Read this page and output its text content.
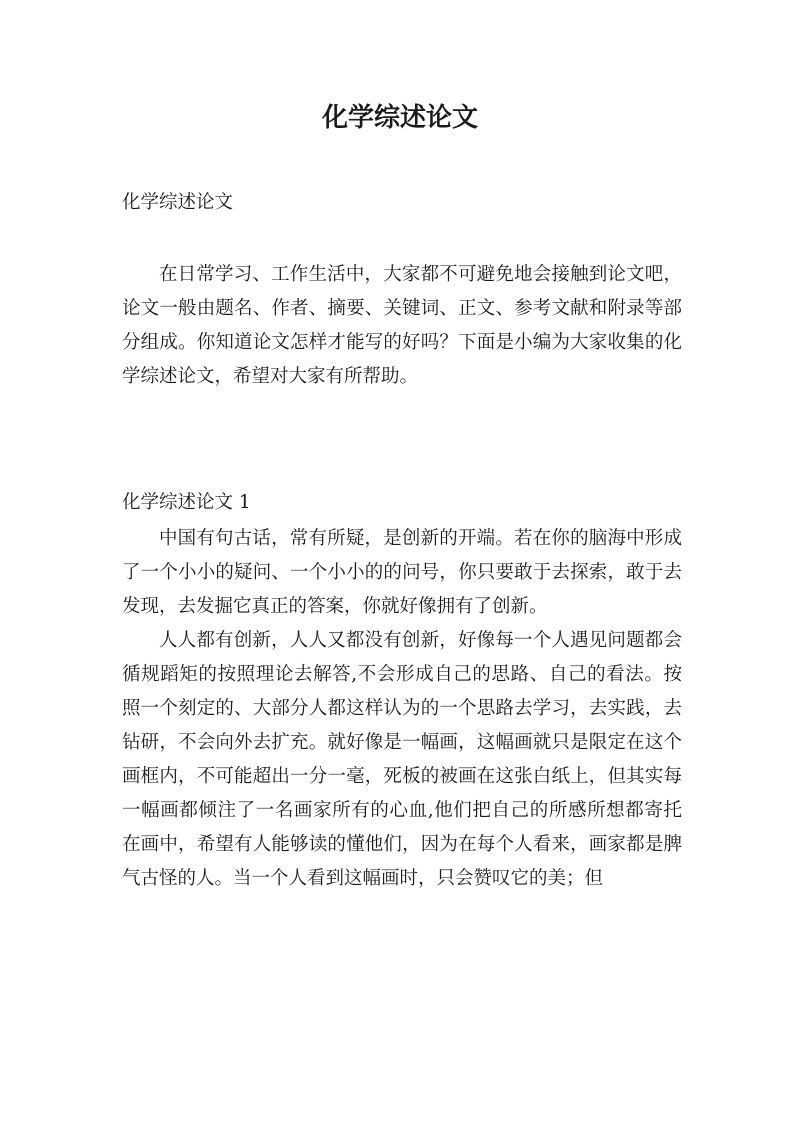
化学综述论文

化学综述论文

在日常学习、工作生活中，大家都不可避免地会接触到论文吧，论文一般由题名、作者、摘要、关键词、正文、参考文献和附录等部分组成。你知道论文怎样才能写的好吗？下面是小编为大家收集的化学综述论文，希望对大家有所帮助。

化学综述论文 1

中国有句古话，常有所疑，是创新的开端。若在你的脑海中形成了一个小小的疑问、一个小小的的问号，你只要敢于去探索，敢于去发现，去发掘它真正的答案，你就好像拥有了创新。

人人都有创新，人人又都没有创新，好像每一个人遇见问题都会循规蹈矩的按照理论去解答,不会形成自己的思路、自己的看法。按照一个刻定的、大部分人都这样认为的一个思路去学习，去实践，去钻研，不会向外去扩充。就好像是一幅画，这幅画就只是限定在这个画框内，不可能超出一分一毫，死板的被画在这张白纸上，但其实每一幅画都倾注了一名画家所有的心血,他们把自己的所感所想都寄托在画中，希望有人能够读的懂他们，因为在每个人看来，画家都是脾气古怪的人。当一个人看到这幅画时，只会赞叹它的美；但
